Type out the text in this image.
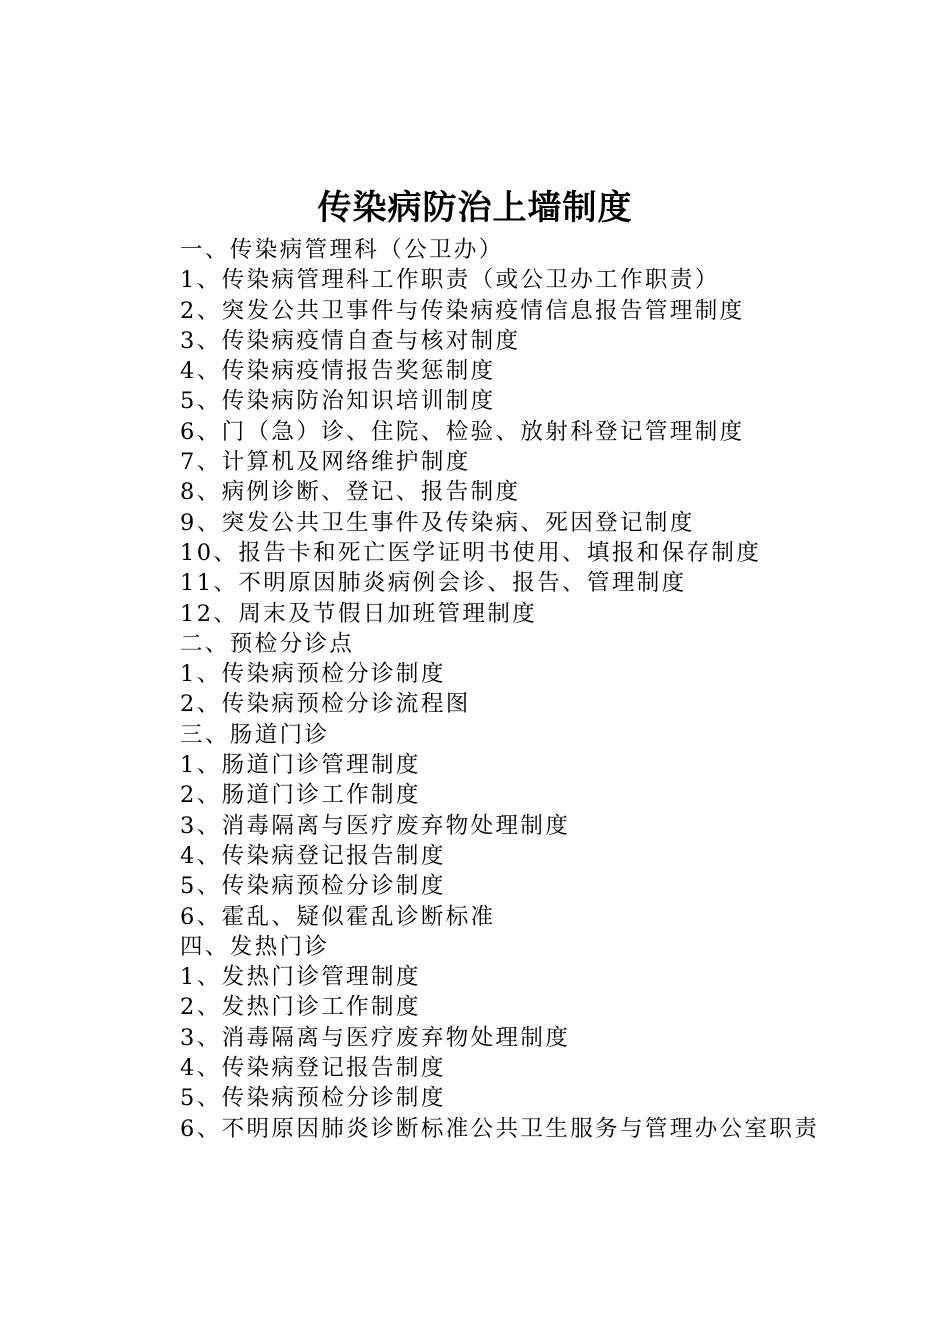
传染病防治上墙制度
一、传染病管理科（公卫办）
1、传染病管理科工作职责（或公卫办工作职责）
2、突发公共卫事件与传染病疫情信息报告管理制度
3、传染病疫情自查与核对制度
4、传染病疫情报告奖惩制度
5、传染病防治知识培训制度
6、门（急）诊、住院、检验、放射科登记管理制度
7、计算机及网络维护制度
8、病例诊断、登记、报告制度
9、突发公共卫生事件及传染病、死因登记制度
10、报告卡和死亡医学证明书使用、填报和保存制度
11、不明原因肺炎病例会诊、报告、管理制度
12、周末及节假日加班管理制度
二、预检分诊点
1、传染病预检分诊制度
2、传染病预检分诊流程图
三、肠道门诊
1、肠道门诊管理制度
2、肠道门诊工作制度
3、消毒隔离与医疗废弃物处理制度
4、传染病登记报告制度
5、传染病预检分诊制度
6、霍乱、疑似霍乱诊断标准
四、发热门诊
1、发热门诊管理制度
2、发热门诊工作制度
3、消毒隔离与医疗废弃物处理制度
4、传染病登记报告制度
5、传染病预检分诊制度
6、不明原因肺炎诊断标准公共卫生服务与管理办公室职责
